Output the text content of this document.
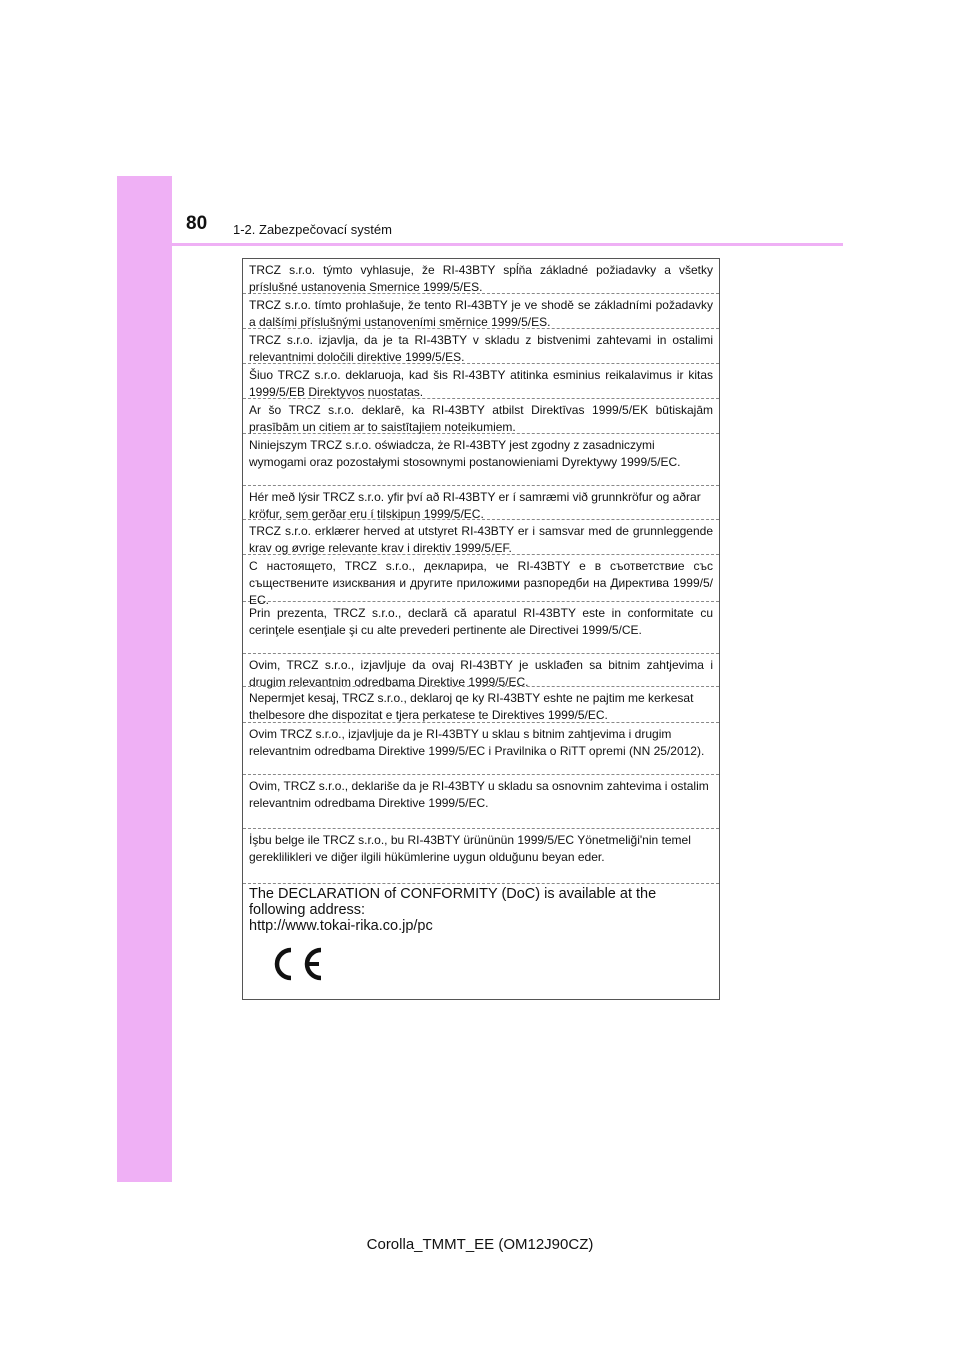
80 1-2. Zabezpečovací systém
TRCZ s.r.o. týmto vyhlasuje, že RI-43BTY spĺňa základné požiadavky a všetky príslušné ustanovenia Smernice 1999/5/ES.
TRCZ s.r.o. tímto prohlašuje, že tento RI-43BTY je ve shodě se základními požadavky a dalšími příslušnými ustanoveními směrnice 1999/5/ES.
TRCZ s.r.o. izjavlja, da je ta RI-43BTY v skladu z bistvenimi zahtevami in ostalimi relevantnimi določili direktive 1999/5/ES.
Šiuo TRCZ s.r.o. deklaruoja, kad šis RI-43BTY atitinka esminius reikalavimus ir kitas 1999/5/EB Direktyvos nuostatas.
Ar šo TRCZ s.r.o. deklarē, ka RI-43BTY atbilst Direktīvas 1999/5/EK būtiskajām prasībām un citiem ar to saistītajiem noteikumiem.
Niniejszym TRCZ s.r.o. oświadcza, że RI-43BTY jest zgodny z zasadniczymi wymogami oraz pozostałymi stosownymi postanowieniami Dyrektywy 1999/5/EC.
Hér með lýsir TRCZ s.r.o. yfir því að RI-43BTY er í samræmi við grunnkröfur og aðrar kröfur, sem gerðar eru í tilskipun 1999/5/EC.
TRCZ s.r.o. erklærer herved at utstyret RI-43BTY er i samsvar med de grunnleggende krav og øvrige relevante krav i direktiv 1999/5/EF.
С настоящето, TRCZ s.r.o., декларира, че RI-43BTY е в съответствие със съществените изисквания и другите приложими разпоредби на Директива 1999/5/ЕС.
Prin prezenta, TRCZ s.r.o., declară că aparatul RI-43BTY este in conformitate cu cerinţele esenţiale şi cu alte prevederi pertinente ale Directivei 1999/5/CE.
Ovim, TRCZ s.r.o., izjavljuje da ovaj RI-43BTY je usklađen sa bitnim zahtjevima i drugim relevantnim odredbama Direktive 1999/5/EC.
Nepermjet kesaj, TRCZ s.r.o., deklaroj qe ky RI-43BTY eshte ne pajtim me kerkesat thelbesore dhe dispozitat e tjera perkatese te Direktives 1999/5/EC.
Ovim TRCZ s.r.o., izjavljuje da je RI-43BTY u sklau s bitnim zahtjevima i drugim relevantnim odredbama Direktive 1999/5/EC i Pravilnika o RiTT opremi (NN 25/2012).
Ovim, TRCZ s.r.o., deklariše da je RI-43BTY u skladu sa osnovnim zahtevima i ostalim relevantnim odredbama Direktive 1999/5/EC.
İşbu belge ile TRCZ s.r.o., bu RI-43BTY ürününün 1999/5/EC Yönetmeliği'nin temel gereklilikleri ve diğer ilgili hükümlerine uygun olduğunu beyan eder.
The DECLARATION of CONFORMITY (DoC) is available at the following address:
http://www.tokai-rika.co.jp/pc
Corolla_TMMT_EE (OM12J90CZ)
